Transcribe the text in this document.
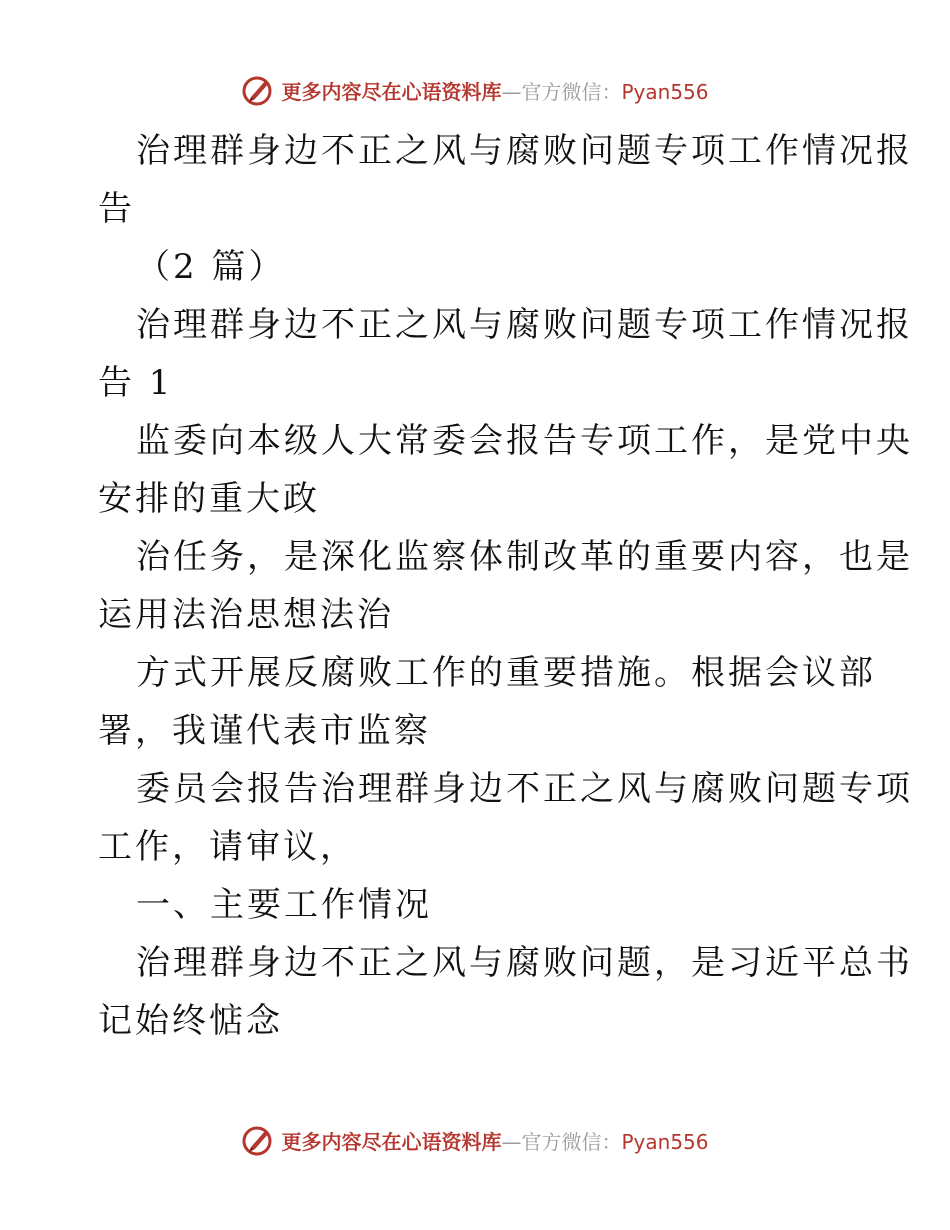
更多内容尽在心语资料库—官方微信：Pyan556
治理群身边不正之风与腐败问题专项工作情况报
告
（2 篇）
治理群身边不正之风与腐败问题专项工作情况报
告 1
监委向本级人大常委会报告专项工作，是党中央
安排的重大政
治任务，是深化监察体制改革的重要内容，也是
运用法治思想法治
方式开展反腐败工作的重要措施。根据会议部
署，我谨代表市监察
委员会报告治理群身边不正之风与腐败问题专项
工作，请审议，
一、主要工作情况
治理群身边不正之风与腐败问题，是习近平总书
记始终惦念
更多内容尽在心语资料库—官方微信：Pyan556
